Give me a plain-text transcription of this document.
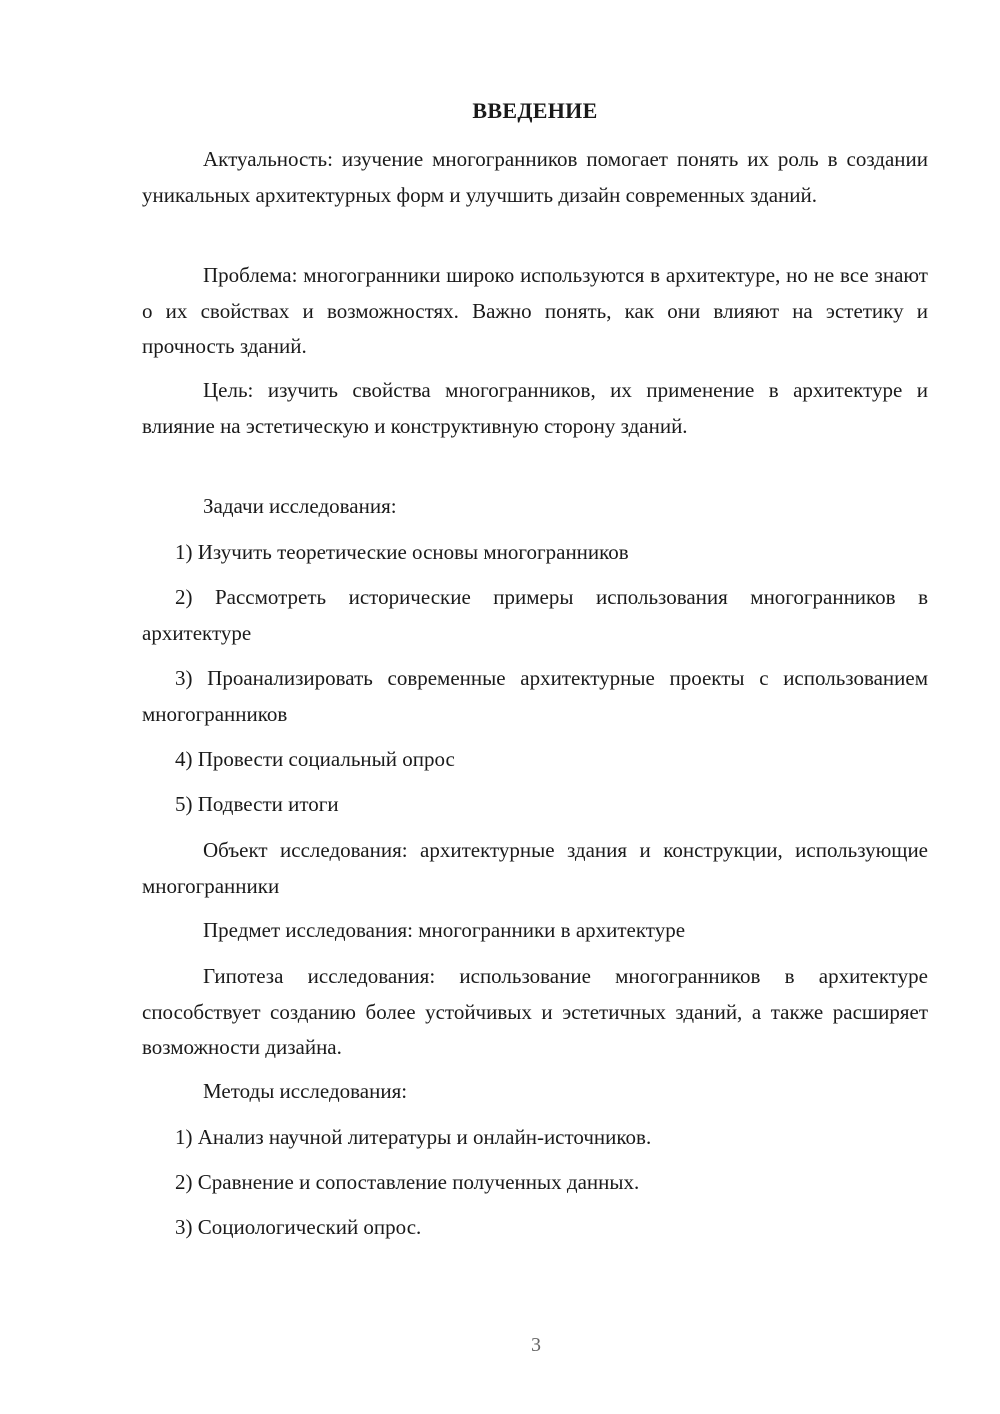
ВВЕДЕНИЕ

Актуальность: изучение многогранников помогает понять их роль в создании уникальных архитектурных форм и улучшить дизайн современных зданий.

Проблема: многогранники широко используются в архитектуре, но не все знают о их свойствах и возможностях. Важно понять, как они влияют на эстетику и прочность зданий.

Цель: изучить свойства многогранников, их применение в архитектуре и влияние на эстетическую и конструктивную сторону зданий.

Задачи исследования:

1) Изучить теоретические основы многогранников

2) Рассмотреть исторические примеры использования многогранников в архитектуре

3) Проанализировать современные архитектурные проекты с использованием многогранников

4) Провести социальный опрос

5) Подвести итоги

Объект исследования: архитектурные здания и конструкции, использующие многогранники

Предмет исследования: многогранники в архитектуре

Гипотеза исследования: использование многогранников в архитектуре способствует созданию более устойчивых и эстетичных зданий, а также расширяет возможности дизайна.

Методы исследования:

1) Анализ научной литературы и онлайн-источников.

2) Сравнение и сопоставление полученных данных.

3) Социологический опрос.

3
